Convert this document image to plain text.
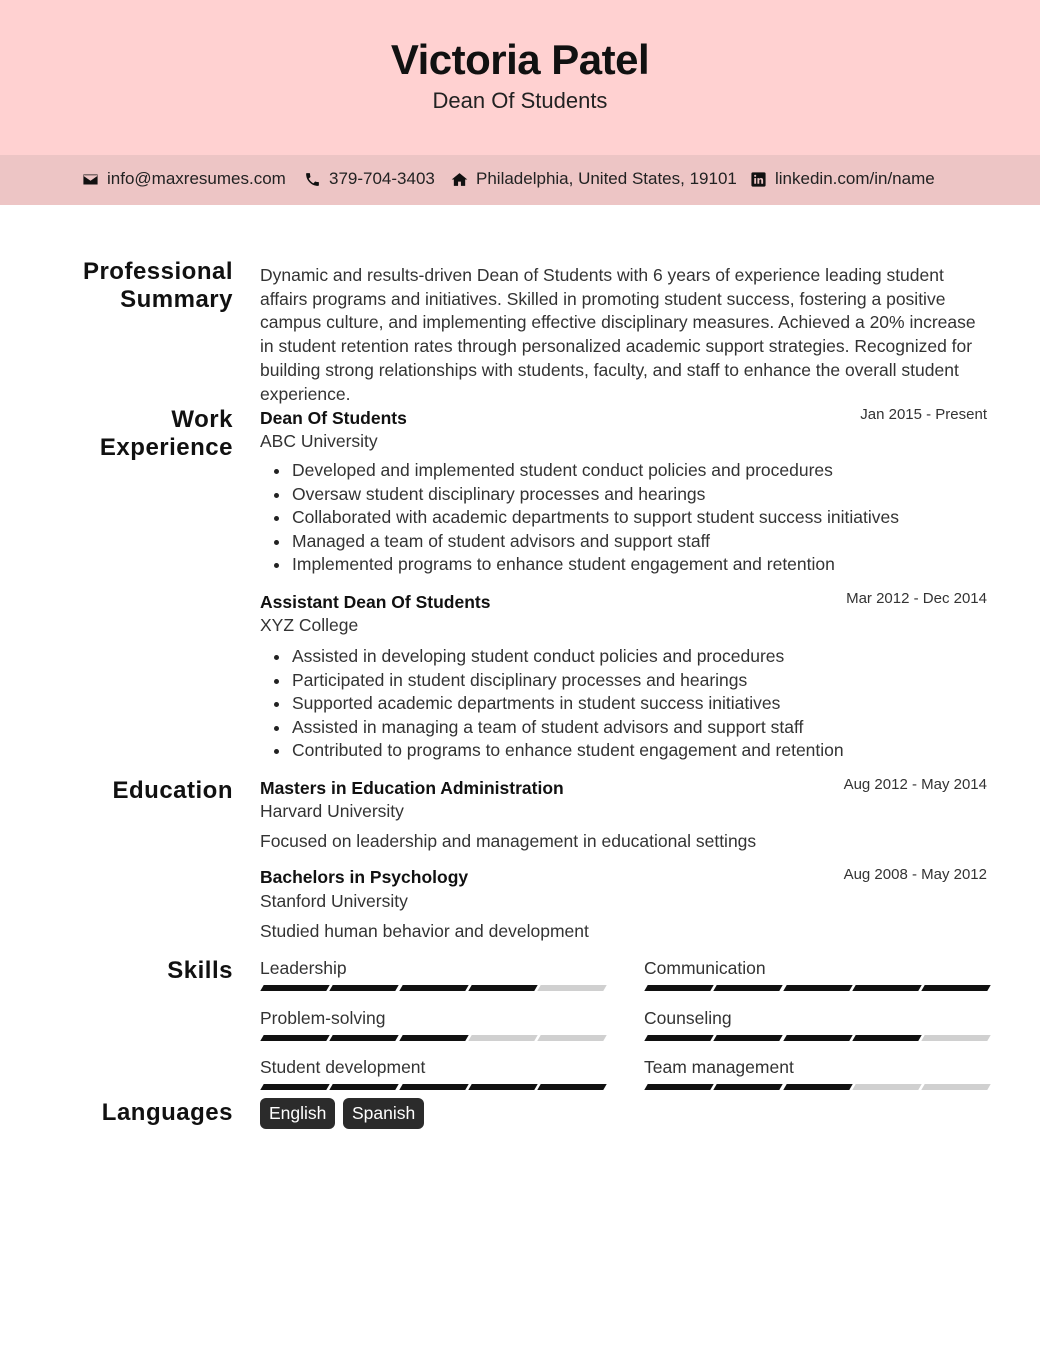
Victoria Patel
Dean Of Students
info@maxresumes.com	379-704-3403 Philadelphia, United States, 19101 linkedin.com/in/name
Professional
Summary
Dynamic and results-driven Dean of Students with 6 years of experience leading student affairs programs and initiatives. Skilled in promoting student success, fostering a positive campus culture, and implementing effective disciplinary measures. Achieved a 20% increase in student retention rates through personalized academic support strategies. Recognized for building strong relationships with students, faculty, and staff to enhance the overall student experience.
Work
Experience
Dean Of Students	Jan 2015 - Present
ABC University
Developed and implemented student conduct policies and procedures
Oversaw student disciplinary processes and hearings
Collaborated with academic departments to support student success initiatives
Managed a team of student advisors and support staff
Implemented programs to enhance student engagement and retention
Assistant Dean Of Students	Mar 2012 - Dec 2014
XYZ College
Assisted in developing student conduct policies and procedures
Participated in student disciplinary processes and hearings
Supported academic departments in student success initiatives
Assisted in managing a team of student advisors and support staff
Contributed to programs to enhance student engagement and retention
Education Masters in Education Administration	Aug 2012 - May 2014
Harvard University
Focused on leadership and management in educational settings
Bachelors in Psychology	Aug 2008 - May 2012
Stanford University
Studied human behavior and development
Skills Leadership	Communication
Problem-solving	Counseling
Student development	Team management
Languages	English	Spanish
